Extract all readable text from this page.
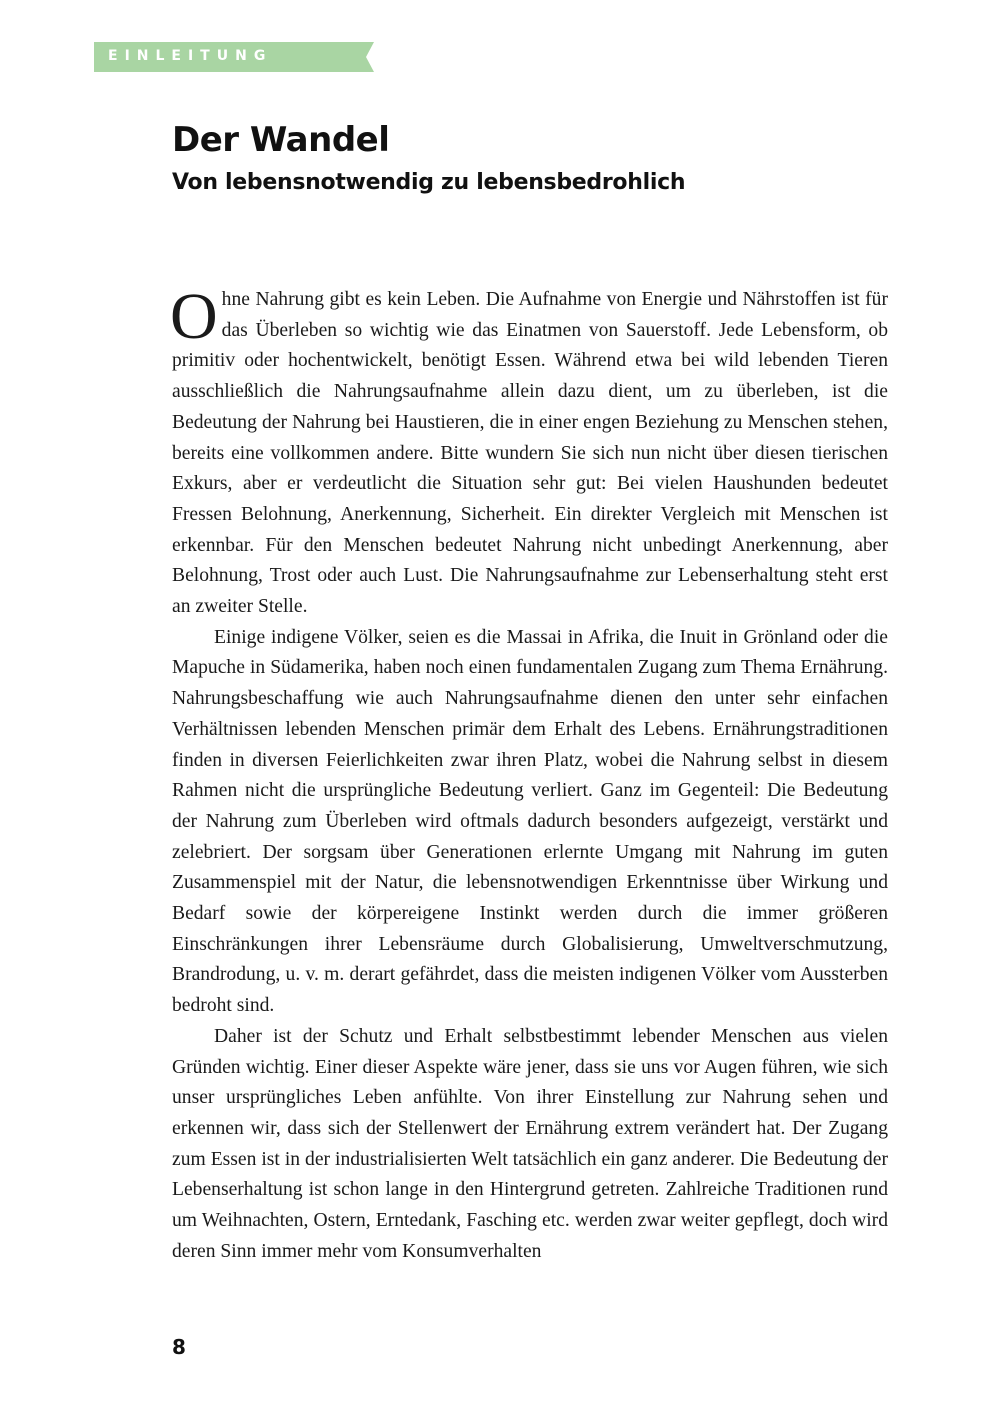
EINLEITUNG
Der Wandel
Von lebensnotwendig zu lebensbedrohlich

Ohne Nahrung gibt es kein Leben. Die Aufnahme von Energie und Nährstoffen ist für das Überleben so wichtig wie das Einatmen von Sauerstoff. Jede Lebensform, ob primitiv oder hochentwickelt, benötigt Essen. Während etwa bei wild lebenden Tieren ausschließlich die Nahrungsaufnahme allein dazu dient, um zu überleben, ist die Bedeutung der Nahrung bei Haustieren, die in einer engen Beziehung zu Menschen stehen, bereits eine vollkommen andere. Bitte wundern Sie sich nun nicht über diesen tierischen Exkurs, aber er verdeutlicht die Situation sehr gut: Bei vielen Haushunden bedeutet Fressen Belohnung, Anerkennung, Sicherheit. Ein direkter Vergleich mit Menschen ist erkennbar. Für den Menschen bedeutet Nahrung nicht unbedingt Anerkennung, aber Belohnung, Trost oder auch Lust. Die Nahrungsaufnahme zur Lebenserhaltung steht erst an zweiter Stelle.

Einige indigene Völker, seien es die Massai in Afrika, die Inuit in Grönland oder die Mapuche in Südamerika, haben noch einen fundamentalen Zugang zum Thema Ernährung. Nahrungsbeschaffung wie auch Nahrungsaufnahme dienen den unter sehr einfachen Verhältnissen lebenden Menschen primär dem Erhalt des Lebens. Ernährungstraditionen finden in diversen Feierlichkeiten zwar ihren Platz, wobei die Nahrung selbst in diesem Rahmen nicht die ursprüngliche Bedeutung verliert. Ganz im Gegenteil: Die Bedeutung der Nahrung zum Überleben wird oftmals dadurch besonders aufgezeigt, verstärkt und zelebriert. Der sorgsam über Generationen erlernte Umgang mit Nahrung im guten Zusammenspiel mit der Natur, die lebensnotwendigen Erkenntnisse über Wirkung und Bedarf sowie der körpereigene Instinkt werden durch die immer größeren Einschränkungen ihrer Lebensräume durch Globalisierung, Umweltverschmutzung, Brandrodung, u. v. m. derart gefährdet, dass die meisten indigenen Völker vom Aussterben bedroht sind.

Daher ist der Schutz und Erhalt selbstbestimmt lebender Menschen aus vielen Gründen wichtig. Einer dieser Aspekte wäre jener, dass sie uns vor Augen führen, wie sich unser ursprüngliches Leben anfühlte. Von ihrer Einstellung zur Nahrung sehen und erkennen wir, dass sich der Stellenwert der Ernährung extrem verändert hat. Der Zugang zum Essen ist in der industrialisierten Welt tatsächlich ein ganz anderer. Die Bedeutung der Lebenserhaltung ist schon lange in den Hintergrund getreten. Zahlreiche Traditionen rund um Weihnachten, Ostern, Erntedank, Fasching etc. werden zwar weiter gepflegt, doch wird deren Sinn immer mehr vom Konsumverhalten

8
